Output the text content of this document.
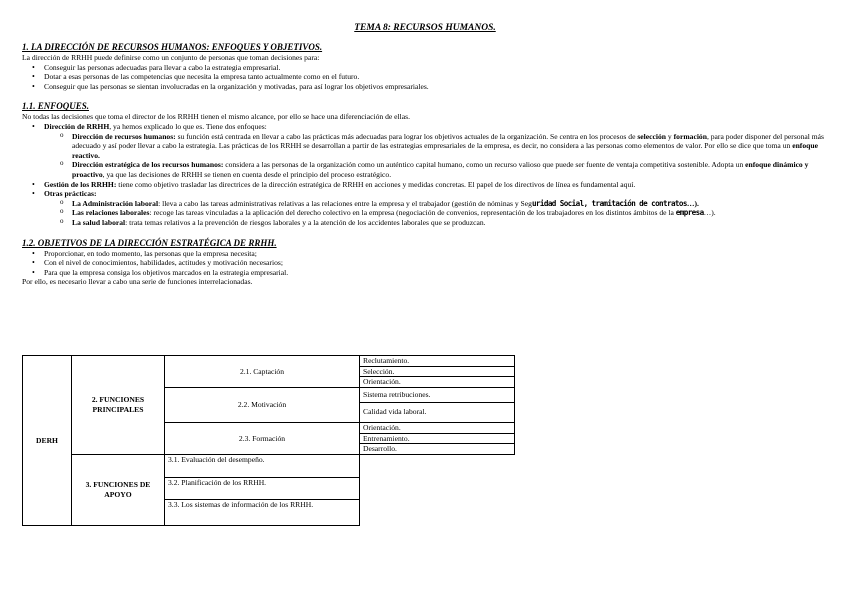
TEMA 8: RECURSOS HUMANOS.
1. LA DIRECCIÓN DE RECURSOS HUMANOS: ENFOQUES Y OBJETIVOS.
La dirección de RRHH puede definirse como un conjunto de personas que toman decisiones para:
• Conseguir las personas adecuadas para llevar a cabo la estrategia empresarial.
• Dotar a esas personas de las competencias que necesita la empresa tanto actualmente como en el futuro.
• Conseguir que las personas se sientan involucradas en la organización y motivadas, para así lograr los objetivos empresariales.
1.1. ENFOQUES.
No todas las decisiones que toma el director de los RRHH tienen el mismo alcance, por ello se hace una diferenciación de ellas.
• Dirección de RRHH, ya hemos explicado lo que es. Tiene dos enfoques:
o Dirección de recursos humanos: su función está centrada en llevar a cabo las prácticas más adecuadas para lograr los objetivos actuales de la organización. Se centra en los procesos de selección y formación, para poder disponer del personal más adecuado y así poder llevar a cabo la estrategia. Las prácticas de los RRHH se desarrollan a partir de las estrategias empresariales de la empresa, es decir, no considera a las personas como elementos de valor. Por ello se dice que toma un enfoque reactivo.
o Dirección estratégica de los recursos humanos: considera a las personas de la organización como un auténtico capital humano, como un recurso valioso que puede ser fuente de ventaja competitiva sostenible. Adopta un enfoque dinámico y proactivo, ya que las decisiones de RRHH se tienen en cuenta desde el principio del proceso estratégico.
• Gestión de los RRHH: tiene como objetivo trasladar las directrices de la dirección estratégica de RRHH en acciones y medidas concretas. El papel de los directivos de línea es fundamental aquí.
• Otras prácticas:
o La Administración laboral: lleva a cabo las tareas administrativas relativas a las relaciones entre la empresa y el trabajador (gestión de nóminas y Seguridad Social, tramitación de contratos…).
o Las relaciones laborales: recoge las tareas vinculadas a la aplicación del derecho colectivo en la empresa (negociación de convenios, representación de los trabajadores en los distintos ámbitos de la empresa…).
o La salud laboral: trata temas relativos a la prevención de riesgos laborales y a la atención de los accidentes laborales que se produzcan.
1.2. OBJETIVOS DE LA DIRECCIÓN ESTRATÉGICA DE RRHH.
• Proporcionar, en todo momento, las personas que la empresa necesita;
• Con el nivel de conocimientos, habilidades, actitudes y motivación necesarios;
• Para que la empresa consiga los objetivos marcados en la estrategia empresarial.
Por ello, es necesario llevar a cabo una serie de funciones interrelacionadas.
DERH	2. FUNCIONES PRINCIPALES	2.1. Captación	Reclutamiento.
			Selección.
			Orientación.
		2.2. Motivación	Sistema retribuciones.
			Calidad vida laboral.
		2.3. Formación	Orientación.
			Entrenamiento.
			Desarrollo.
	3. FUNCIONES DE APOYO	3.1. Evaluación del desempeño.	
		3.2. Planificación de los RRHH.	
		3.3. Los sistemas de información de los RRHH.	
